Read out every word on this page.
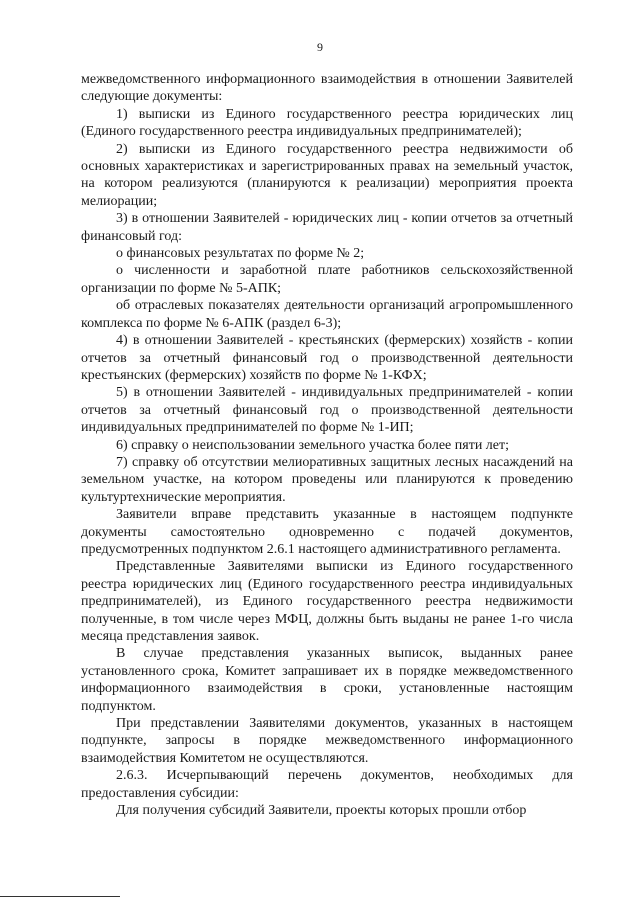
9

межведомственного информационного взаимодействия в отношении Заявителей следующие документы:

1) выписки из Единого государственного реестра юридических лиц (Единого государственного реестра индивидуальных предпринимателей);

2) выписки из Единого государственного реестра недвижимости об основных характеристиках и зарегистрированных правах на земельный участок, на котором реализуются (планируются к реализации) мероприятия проекта мелиорации;

3) в отношении Заявителей - юридических лиц - копии отчетов за отчетный финансовый год:

о финансовых результатах по форме № 2;

о численности и заработной плате работников сельскохозяйственной организации по форме № 5-АПК;

об отраслевых показателях деятельности организаций агропромышленного комплекса по форме № 6-АПК (раздел 6-3);

4) в отношении Заявителей - крестьянских (фермерских) хозяйств - копии отчетов за отчетный финансовый год о производственной деятельности крестьянских (фермерских) хозяйств по форме № 1-КФХ;

5) в отношении Заявителей - индивидуальных предпринимателей - копии отчетов за отчетный финансовый год о производственной деятельности индивидуальных предпринимателей по форме № 1-ИП;

6) справку о неиспользовании земельного участка более пяти лет;

7) справку об отсутствии мелиоративных защитных лесных насаждений на земельном участке, на котором проведены или планируются к проведению культуртехнические мероприятия.

Заявители вправе представить указанные в настоящем подпункте документы самостоятельно одновременно с подачей документов, предусмотренных подпунктом 2.6.1 настоящего административного регламента.

Представленные Заявителями выписки из Единого государственного реестра юридических лиц (Единого государственного реестра индивидуальных предпринимателей), из Единого государственного реестра недвижимости полученные, в том числе через МФЦ, должны быть выданы не ранее 1-го числа месяца представления заявок.

В случае представления указанных выписок, выданных ранее установленного срока, Комитет запрашивает их в порядке межведомственного информационного взаимодействия в сроки, установленные настоящим подпунктом.

При представлении Заявителями документов, указанных в настоящем подпункте, запросы в порядке межведомственного информационного взаимодействия Комитетом не осуществляются.

2.6.3. Исчерпывающий перечень документов, необходимых для предоставления субсидии:

Для получения субсидий Заявители, проекты которых прошли отбор
